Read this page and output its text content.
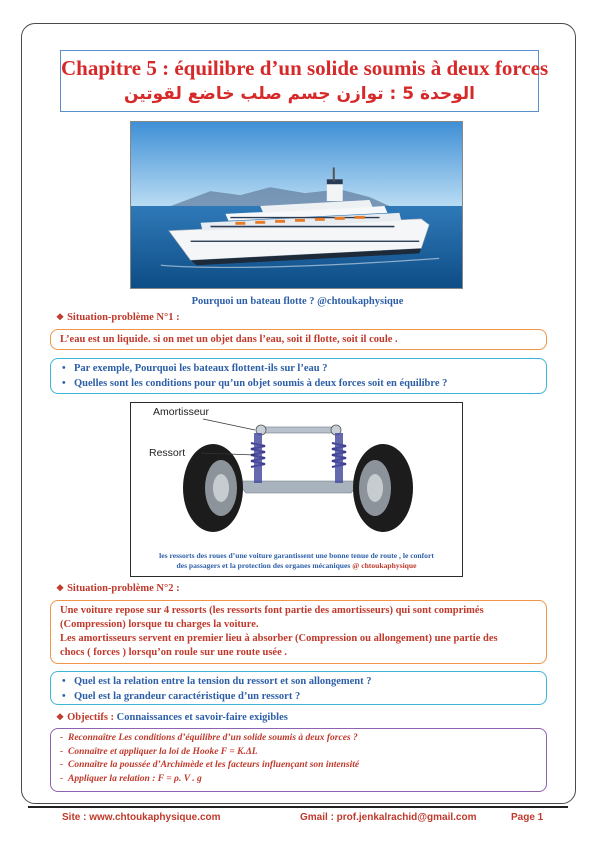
Chapitre 5 : équilibre d’un solide soumis à deux forces
الوحدة 5 : توازن جسم صلب خاضع لقوتين
Pourquoi un bateau flotte ? @chtoukaphysique
❖ Situation-problème N°1 :

L’eau est un liquide. si on met un objet dans l’eau, soit il flotte, soit il coule .

• Par exemple, Pourquoi les bateaux flottent-ils sur l’eau ?
• Quelles sont les conditions pour qu’un objet soumis à deux forces soit en équilibre ?
Amortisseur
Ressort
les ressorts des roues d’une voiture garantissent une bonne tenue de route , le confort
des passagers et la protection des organes mécaniques @ chtoukaphysique
❖ Situation-problème N°2 :

Une voiture repose sur 4 ressorts (les ressorts font partie des amortisseurs) qui sont comprimés

(Compression) lorsque tu charges la voiture.

Les amortisseurs servent en premier lieu à absorber (Compression ou allongement) une partie des

chocs ( forces ) lorsqu’on roule sur une route usée .

• Quel est la relation entre la tension du ressort et son allongement ?
• Quel est la grandeur caractéristique d’un ressort ?
❖ Objectifs : Connaissances et savoir-faire exigibles
- Reconnaître Les conditions d’équilibre d’un solide soumis à deux forces ?
- Connaître et appliquer la loi de Hooke F = K.ΔL
- Connaître la poussée d’Archimède et les facteurs influençant son intensité
- Appliquer la relation : F = ρ. V . g
Site : www.chtoukaphysique.com	Gmail : prof.jenkalrachid@gmail.com	Page 1
